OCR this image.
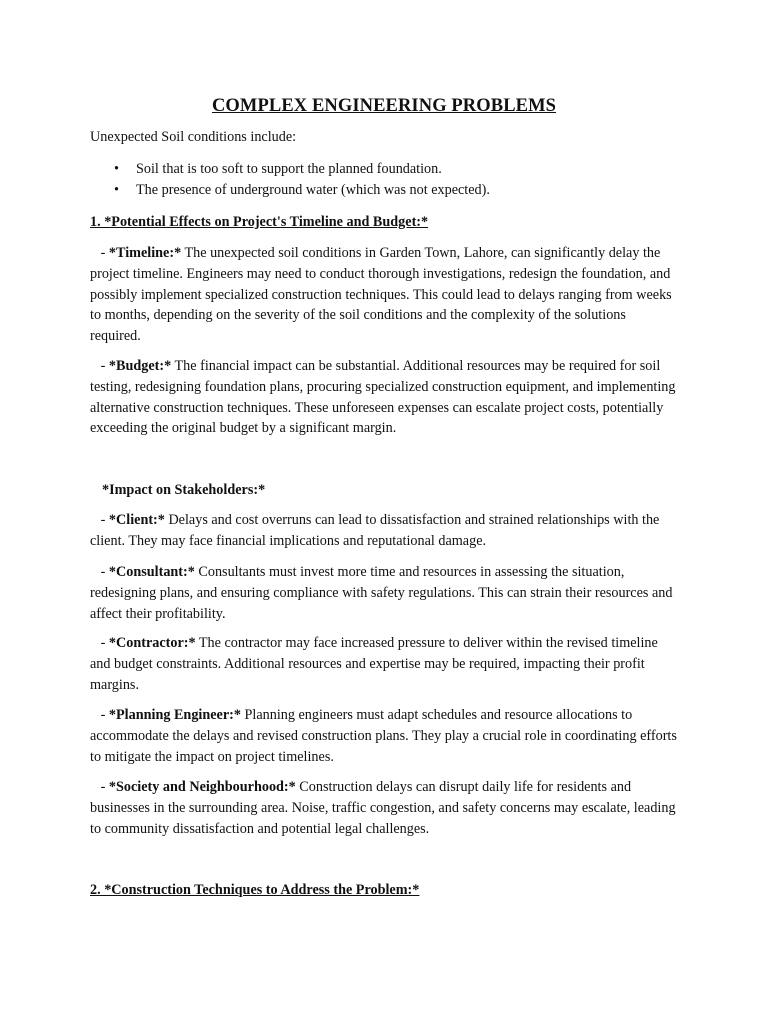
COMPLEX ENGINEERING PROBLEMS

Unexpected Soil conditions include:

• Soil that is too soft to support the planned foundation.
• The presence of underground water (which was not expected).

1. *Potential Effects on Project's Timeline and Budget:*

- *Timeline:* The unexpected soil conditions in Garden Town, Lahore, can significantly delay the project timeline. Engineers may need to conduct thorough investigations, redesign the foundation, and possibly implement specialized construction techniques. This could lead to delays ranging from weeks to months, depending on the severity of the soil conditions and the complexity of the solutions required.

- *Budget:* The financial impact can be substantial. Additional resources may be required for soil testing, redesigning foundation plans, procuring specialized construction equipment, and implementing alternative construction techniques. These unforeseen expenses can escalate project costs, potentially exceeding the original budget by a significant margin.

*Impact on Stakeholders:*

- *Client:* Delays and cost overruns can lead to dissatisfaction and strained relationships with the client. They may face financial implications and reputational damage.

- *Consultant:* Consultants must invest more time and resources in assessing the situation, redesigning plans, and ensuring compliance with safety regulations. This can strain their resources and affect their profitability.

- *Contractor:* The contractor may face increased pressure to deliver within the revised timeline and budget constraints. Additional resources and expertise may be required, impacting their profit margins.

- *Planning Engineer:* Planning engineers must adapt schedules and resource allocations to accommodate the delays and revised construction plans. They play a crucial role in coordinating efforts to mitigate the impact on project timelines.

- *Society and Neighbourhood:* Construction delays can disrupt daily life for residents and businesses in the surrounding area. Noise, traffic congestion, and safety concerns may escalate, leading to community dissatisfaction and potential legal challenges.

2. *Construction Techniques to Address the Problem:*
